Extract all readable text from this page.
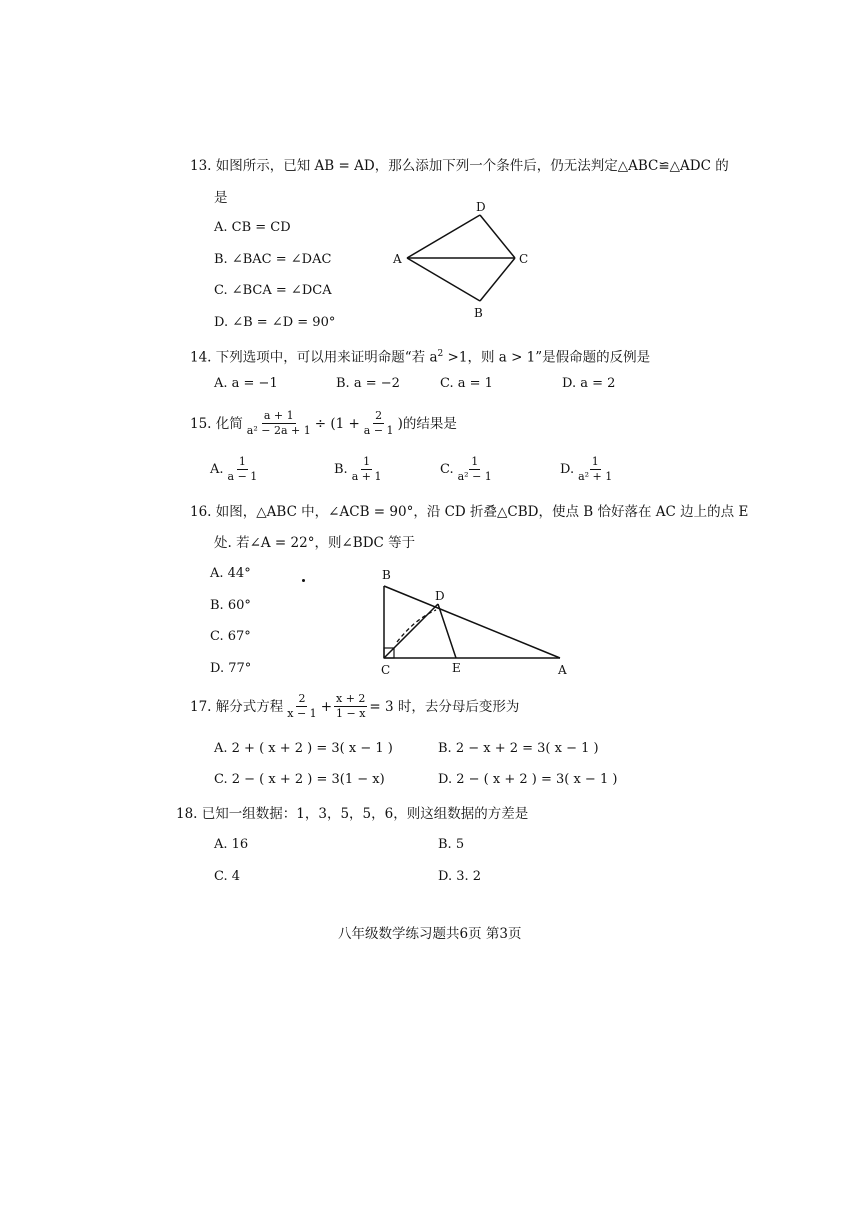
13. 如图所示，已知 AB = AD，那么添加下列一个条件后，仍无法判定△ABC≌△ADC 的
是
A. CB = CD
B. ∠BAC = ∠DAC
C. ∠BCA = ∠DCA
D. ∠B = ∠D = 90°
A
D
C
B
14. 下列选项中，可以用来证明命题“若 $a^2 >1$，则 a > 1”是假命题的反例是
A. a = −1	B. a = −2	C. a = 1	D. a = 2
15. 化简 $\frac{a + 1}{\text{a² − 2a + 1}} \div (1 + \frac{2}{a - 1}$ )的结果是
A. $\frac{1}{a - 1}$	B. $\frac{1}{a + 1}$	C. $\frac{1}{\text{a² − 1}}$	D. $\frac{1}{\text{a² + 1}}$
16. 如图，△ABC 中，∠ACB = 90°，沿 CD 折叠△CBD，使点 B 恰好落在 AC 边上的点 E
处. 若∠A = 22°，则∠BDC 等于
A. 44°
B. 60°
C. 67°
D. 77°
B
D
C	E	A
17. 解分式方程 $\frac{2}{x - 1} + \frac{x + 2}{1 - x} = 3$ 时，去分母后变形为
A. 2 + ( x + 2 ) = 3( x − 1 )	B. 2 − x + 2 = 3( x − 1 )
C. 2 − ( x + 2 ) = 3(1 − x)	D. 2 − ( x + 2 ) = 3( x − 1 )
18. 已知一组数据：1，3，5，5，6，则这组数据的方差是
A. 16	B. 5
C. 4	D. 3. 2
八年级数学练习题共6页 第3页
